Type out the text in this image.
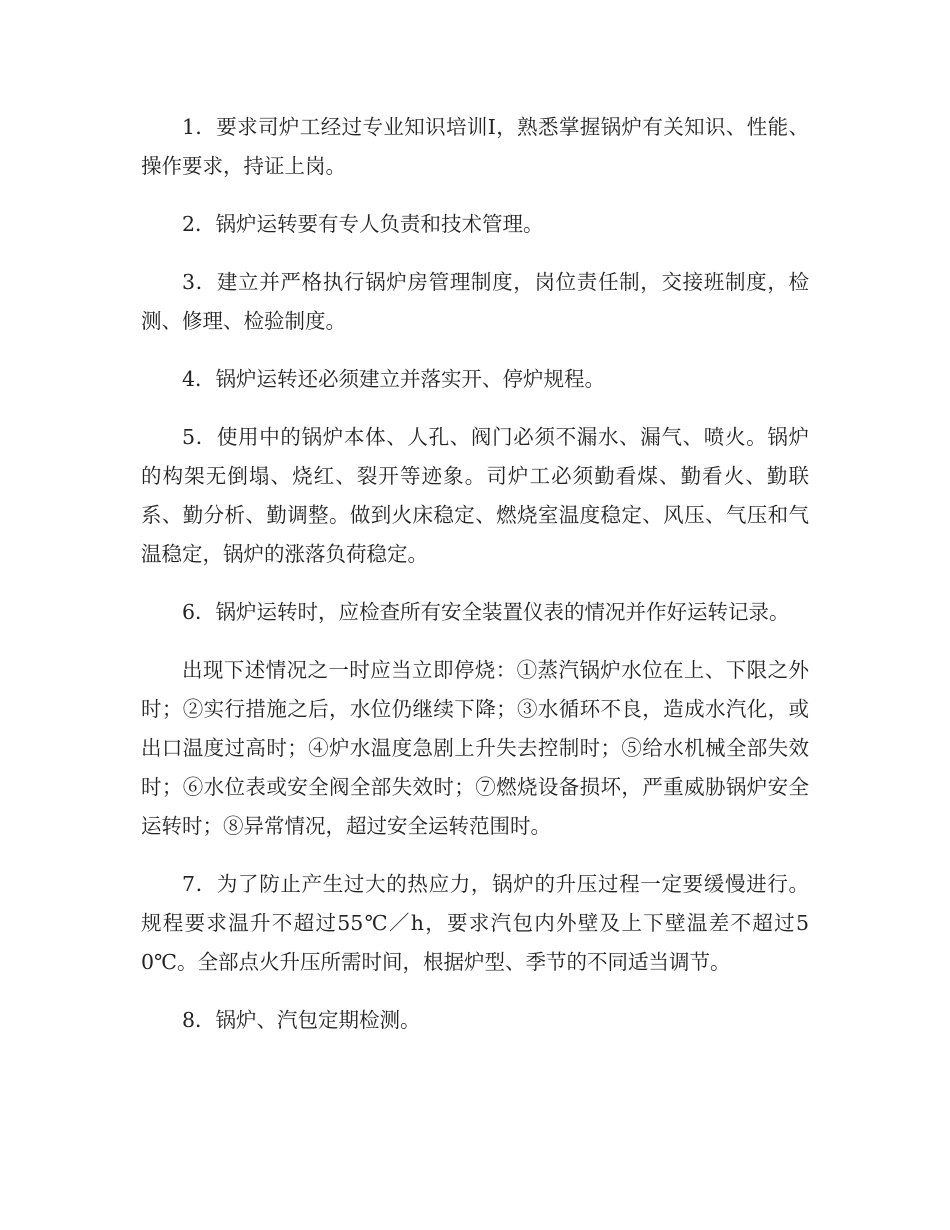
1．要求司炉工经过专业知识培训Ⅰ，熟悉掌握锅炉有关知识、性能、操作要求，持证上岗。

2．锅炉运转要有专人负责和技术管理。

3．建立并严格执行锅炉房管理制度，岗位责任制，交接班制度，检测、修理、检验制度。

4．锅炉运转还必须建立并落实开、停炉规程。

5．使用中的锅炉本体、人孔、阀门必须不漏水、漏气、喷火。锅炉的构架无倒塌、烧红、裂开等迹象。司炉工必须勤看煤、勤看火、勤联系、勤分析、勤调整。做到火床稳定、燃烧室温度稳定、风压、气压和气温稳定，锅炉的涨落负荷稳定。

6．锅炉运转时，应检查所有安全装置仪表的情况并作好运转记录。

出现下述情况之一时应当立即停烧：①蒸汽锅炉水位在上、下限之外时；②实行措施之后，水位仍继续下降；③水循环不良，造成水汽化，或出口温度过高时；④炉水温度急剧上升失去控制时；⑤给水机械全部失效时；⑥水位表或安全阀全部失效时；⑦燃烧设备损坏，严重威胁锅炉安全运转时；⑧异常情况，超过安全运转范围时。

7．为了防止产生过大的热应力，锅炉的升压过程一定要缓慢进行。规程要求温升不超过55℃／h，要求汽包内外壁及上下壁温差不超过50℃。全部点火升压所需时间，根据炉型、季节的不同适当调节。

8．锅炉、汽包定期检测。
